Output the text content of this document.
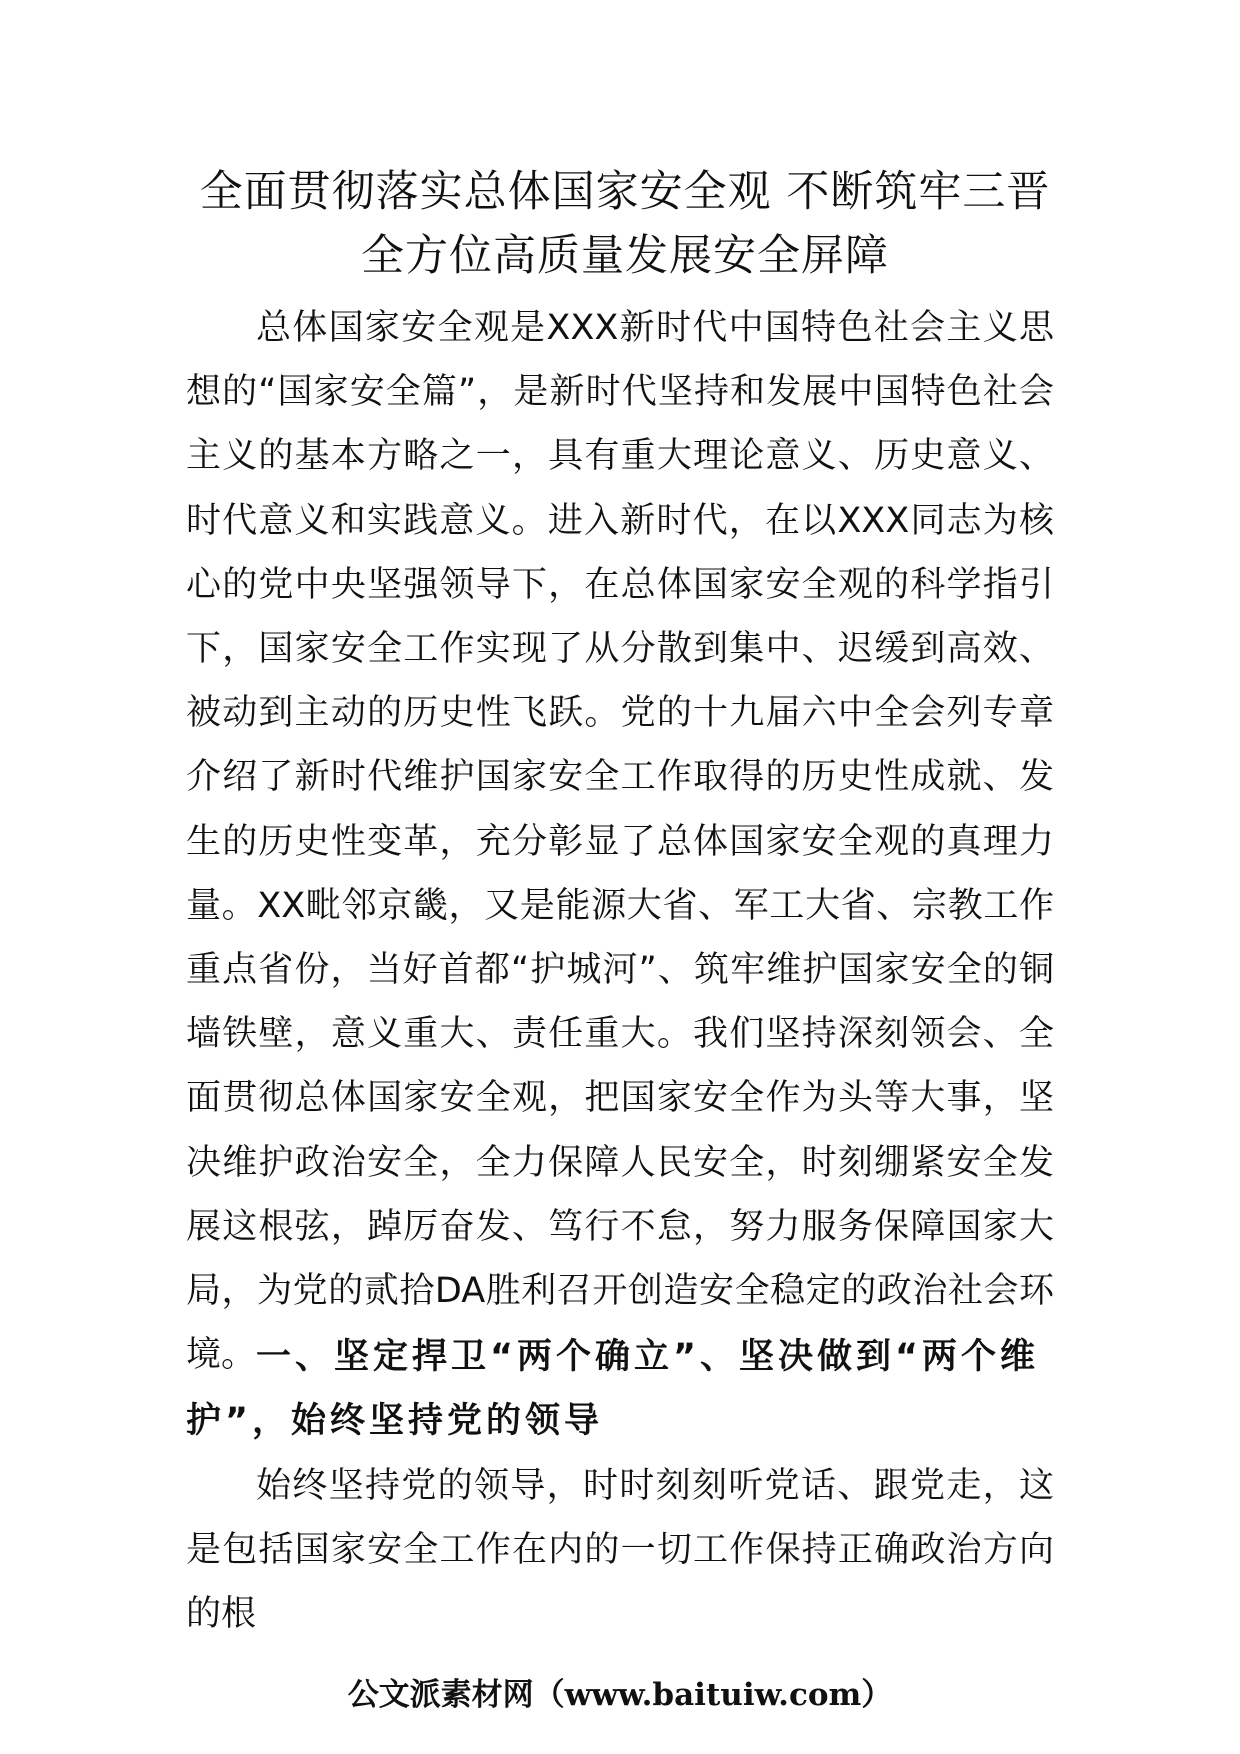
全面贯彻落实总体国家安全观 不断筑牢三晋全方位高质量发展安全屏障

总体国家安全观是XXX新时代中国特色社会主义思想的“国家安全篇”，是新时代坚持和发展中国特色社会主义的基本方略之一，具有重大理论意义、历史意义、时代意义和实践意义。进入新时代，在以XXX同志为核心的党中央坚强领导下，在总体国家安全观的科学指引下，国家安全工作实现了从分散到集中、迟缓到高效、被动到主动的历史性飞跃。党的十九届六中全会列专章介绍了新时代维护国家安全工作取得的历史性成就、发生的历史性变革，充分彰显了总体国家安全观的真理力量。XX毗邻京畿，又是能源大省、军工大省、宗教工作重点省份，当好首都“护城河”、筑牢维护国家安全的铜墙铁壁，意义重大、责任重大。我们坚持深刻领会、全面贯彻总体国家安全观，把国家安全作为头等大事，坚决维护政治安全，全力保障人民安全，时刻绷紧安全发展这根弦，踔厉奋发、笃行不怠，努力服务保障国家大局，为党的贰拾DA胜利召开创造安全稳定的政治社会环境。 一、坚定捍卫“两个确立”、坚决做到“两个维护”，始终坚持党的领导

始终坚持党的领导，时时刻刻听党话、跟党走，这是包括国家安全工作在内的一切工作保持正确政治方向的根

公文派素材网（www.baituiw.com）
